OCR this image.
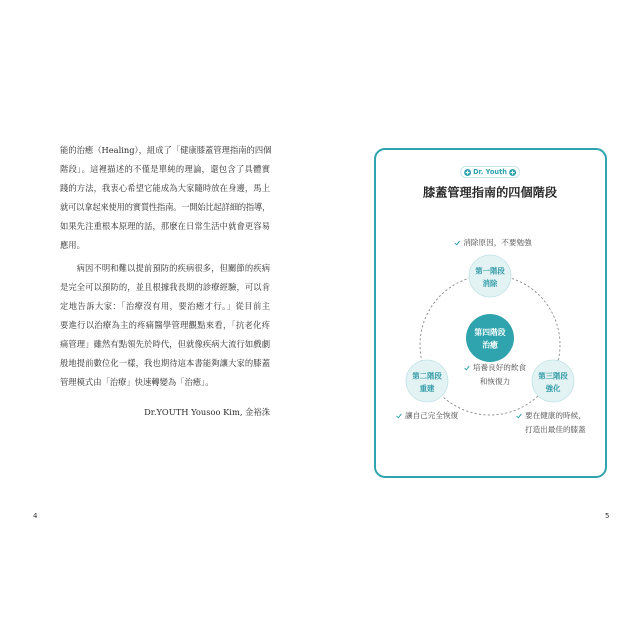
能的治癒（Healing），組成了「健康膝蓋管理指南的四個
階段」。這裡描述的不僅是單純的理論，還包含了具體實
踐的方法，我衷心希望它能成為大家隨時放在身邊，馬上
就可以拿起來使用的實質性指南。一開始比起詳細的指導，
如果先注重根本原理的話，那麼在日常生活中就會更容易
應用。
病因不明和難以提前預防的疾病很多，但關節的疾病
是完全可以預防的，並且根據我長期的診療經驗，可以肯
定地告訴大家：「治療沒有用，要治癒才行。」從目前主
要進行以治療為主的疼痛醫學管理觀點來看，「抗老化疼
痛管理」雖然有點領先於時代，但就像疾病大流行如戲劇
般地提前數位化一樣，我也期待這本書能夠讓大家的膝蓋
管理模式由「治療」快速轉變為「治癒」。
Dr.YOUTH Yousoo Kim, 金裕洙
4
Dr. Youth
膝蓋管理指南的四個階段
第一階段
消除
第二階段
重建
第三階段
強化
第四階段
治癒
消除原因，不要勉強
培養良好的飲食
和恢復力
讓自己完全恢復	要在健康的時候，
打造出最佳的膝蓋
5
